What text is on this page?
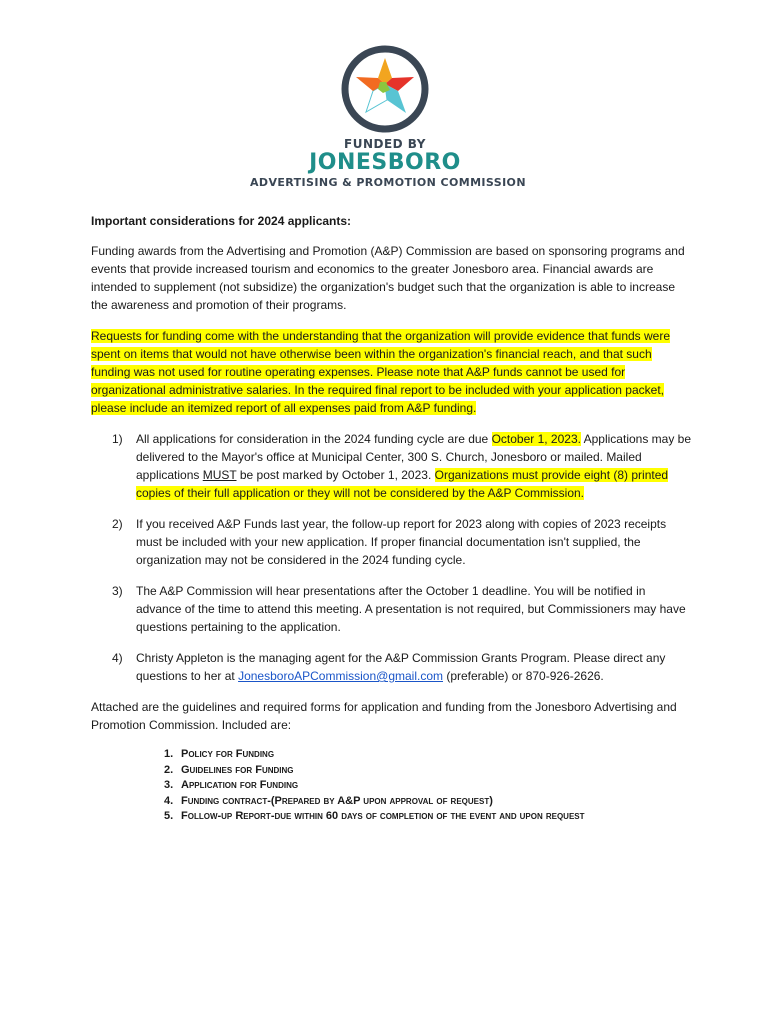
FUNDED BY
JONESBORO
ADVERTISING & PROMOTION COMMISSION
Important considerations for 2024 applicants:

Funding awards from the Advertising and Promotion (A&P) Commission are based on sponsoring programs and events that provide increased tourism and economics to the greater Jonesboro area. Financial awards are intended to supplement (not subsidize) the organization's budget such that the organization is able to increase the awareness and promotion of their programs.

Requests for funding come with the understanding that the organization will provide evidence that funds were spent on items that would not have otherwise been within the organization's financial reach, and that such funding was not used for routine operating expenses. Please note that A&P funds cannot be used for organizational administrative salaries. In the required final report to be included with your application packet, please include an itemized report of all expenses paid from A&P funding.

1) All applications for consideration in the 2024 funding cycle are due October 1, 2023. Applications may be delivered to the Mayor's office at Municipal Center, 300 S. Church, Jonesboro or mailed. Mailed applications MUST be post marked by October 1, 2023. Organizations must provide eight (8) printed copies of their full application or they will not be considered by the A&P Commission.
2) If you received A&P Funds last year, the follow-up report for 2023 along with copies of 2023 receipts must be included with your new application. If proper financial documentation isn't supplied, the organization may not be considered in the 2024 funding cycle.
3) The A&P Commission will hear presentations after the October 1 deadline. You will be notified in advance of the time to attend this meeting. A presentation is not required, but Commissioners may have questions pertaining to the application.
4) Christy Appleton is the managing agent for the A&P Commission Grants Program. Please direct any questions to her at JonesboroAPCommission@gmail.com (preferable) or 870-926-2626.

Attached are the guidelines and required forms for application and funding from the Jonesboro Advertising and Promotion Commission. Included are:

1. Policy for Funding
2. Guidelines for Funding
3. Application for Funding
4. Funding contract-(Prepared by A&P upon approval of request)
5. Follow-up Report-due within 60 days of completion of the event and upon request
